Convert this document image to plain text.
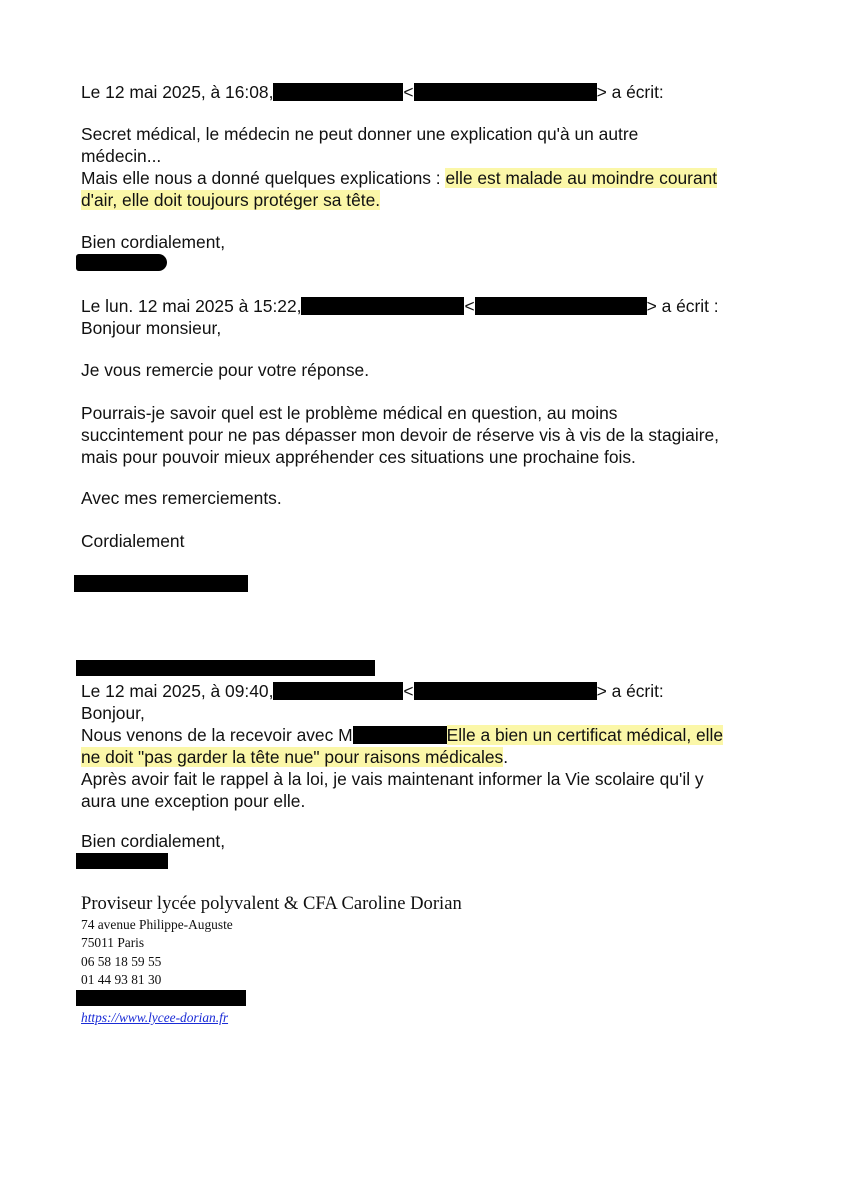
Le 12 mai 2025, à 16:08,	<	> a écrit:
Secret médical, le médecin ne peut donner une explication qu'à un autre
médecin...
Mais elle nous a donné quelques explications : elle est malade au moindre courant
d'air, elle doit toujours protéger sa tête.
Bien cordialement,
Le lun. 12 mai 2025 à 15:22,	<	> a écrit :
Bonjour monsieur,
Je vous remercie pour votre réponse.
Pourrais-je savoir quel est le problème médical en question, au moins
succintement pour ne pas dépasser mon devoir de réserve vis à vis de la stagiaire,
mais pour pouvoir mieux appréhender ces situations une prochaine fois.
Avec mes remerciements.
Cordialement
Le 12 mai 2025, à 09:40,	<	> a écrit:
Bonjour,
Nous venons de la recevoir avec M	Elle a bien un certificat médical, elle
ne doit "pas garder la tête nue" pour raisons médicales.
Après avoir fait le rappel à la loi, je vais maintenant informer la Vie scolaire qu'il y
aura une exception pour elle.
Bien cordialement,
Proviseur lycée polyvalent & CFA Caroline Dorian
74 avenue Philippe-Auguste
75011 Paris
06 58 18 59 55
01 44 93 81 30
https://www.lycee-dorian.fr
